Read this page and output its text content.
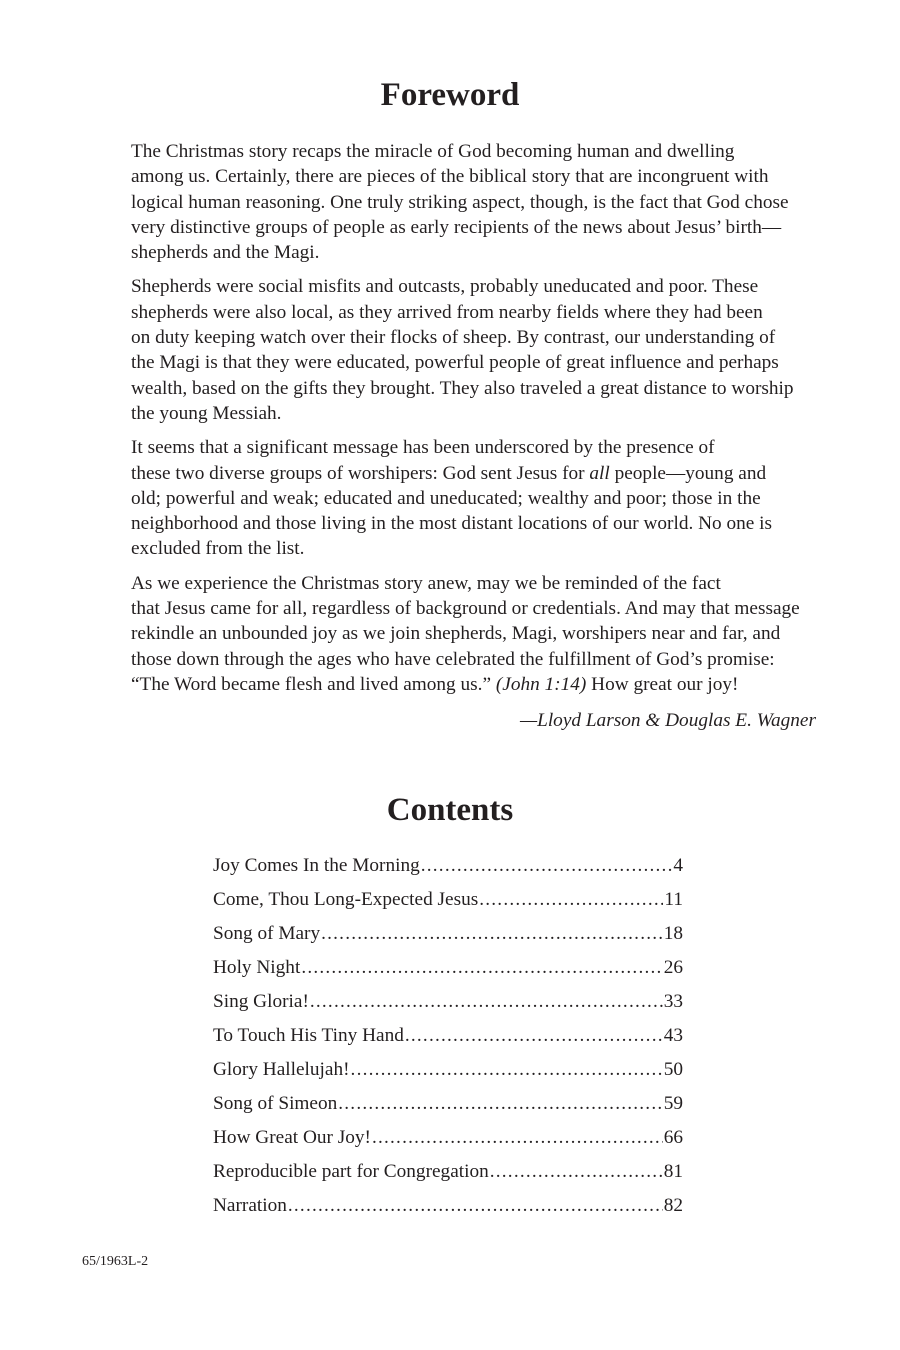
Foreword

The Christmas story recaps the miracle of God becoming human and dwelling
among us. Certainly, there are pieces of the biblical story that are incongruent with
logical human reasoning. One truly striking aspect, though, is the fact that God chose
very distinctive groups of people as early recipients of the news about Jesus’ birth—
shepherds and the Magi.

Shepherds were social misfits and outcasts, probably uneducated and poor. These
shepherds were also local, as they arrived from nearby fields where they had been
on duty keeping watch over their flocks of sheep. By contrast, our understanding of
the Magi is that they were educated, powerful people of great influence and perhaps
wealth, based on the gifts they brought. They also traveled a great distance to worship
the young Messiah.

It seems that a significant message has been underscored by the presence of
these two diverse groups of worshipers: God sent Jesus for all people—young and
old; powerful and weak; educated and uneducated; wealthy and poor; those in the
neighborhood and those living in the most distant locations of our world. No one is
excluded from the list.

As we experience the Christmas story anew, may we be reminded of the fact
that Jesus came for all, regardless of background or credentials. And may that message
rekindle an unbounded joy as we join shepherds, Magi, worshipers near and far, and
those down through the ages who have celebrated the fulfillment of God’s promise:
“The Word became flesh and lived among us.” (John 1:14) How great our joy!

—Lloyd Larson & Douglas E. Wagner
Contents
Joy Comes In the Morning .....	4
Come, Thou Long-Expected Jesus .....	11
Song of Mary .....	18
Holy Night .....	26
Sing Gloria! .....	33
To Touch His Tiny Hand .....	43
Glory Hallelujah! .....	50
Song of Simeon .....	59
How Great Our Joy! .....	66
Reproducible part for Congregation .....	81
Narration .....	82
65/1963L-2
